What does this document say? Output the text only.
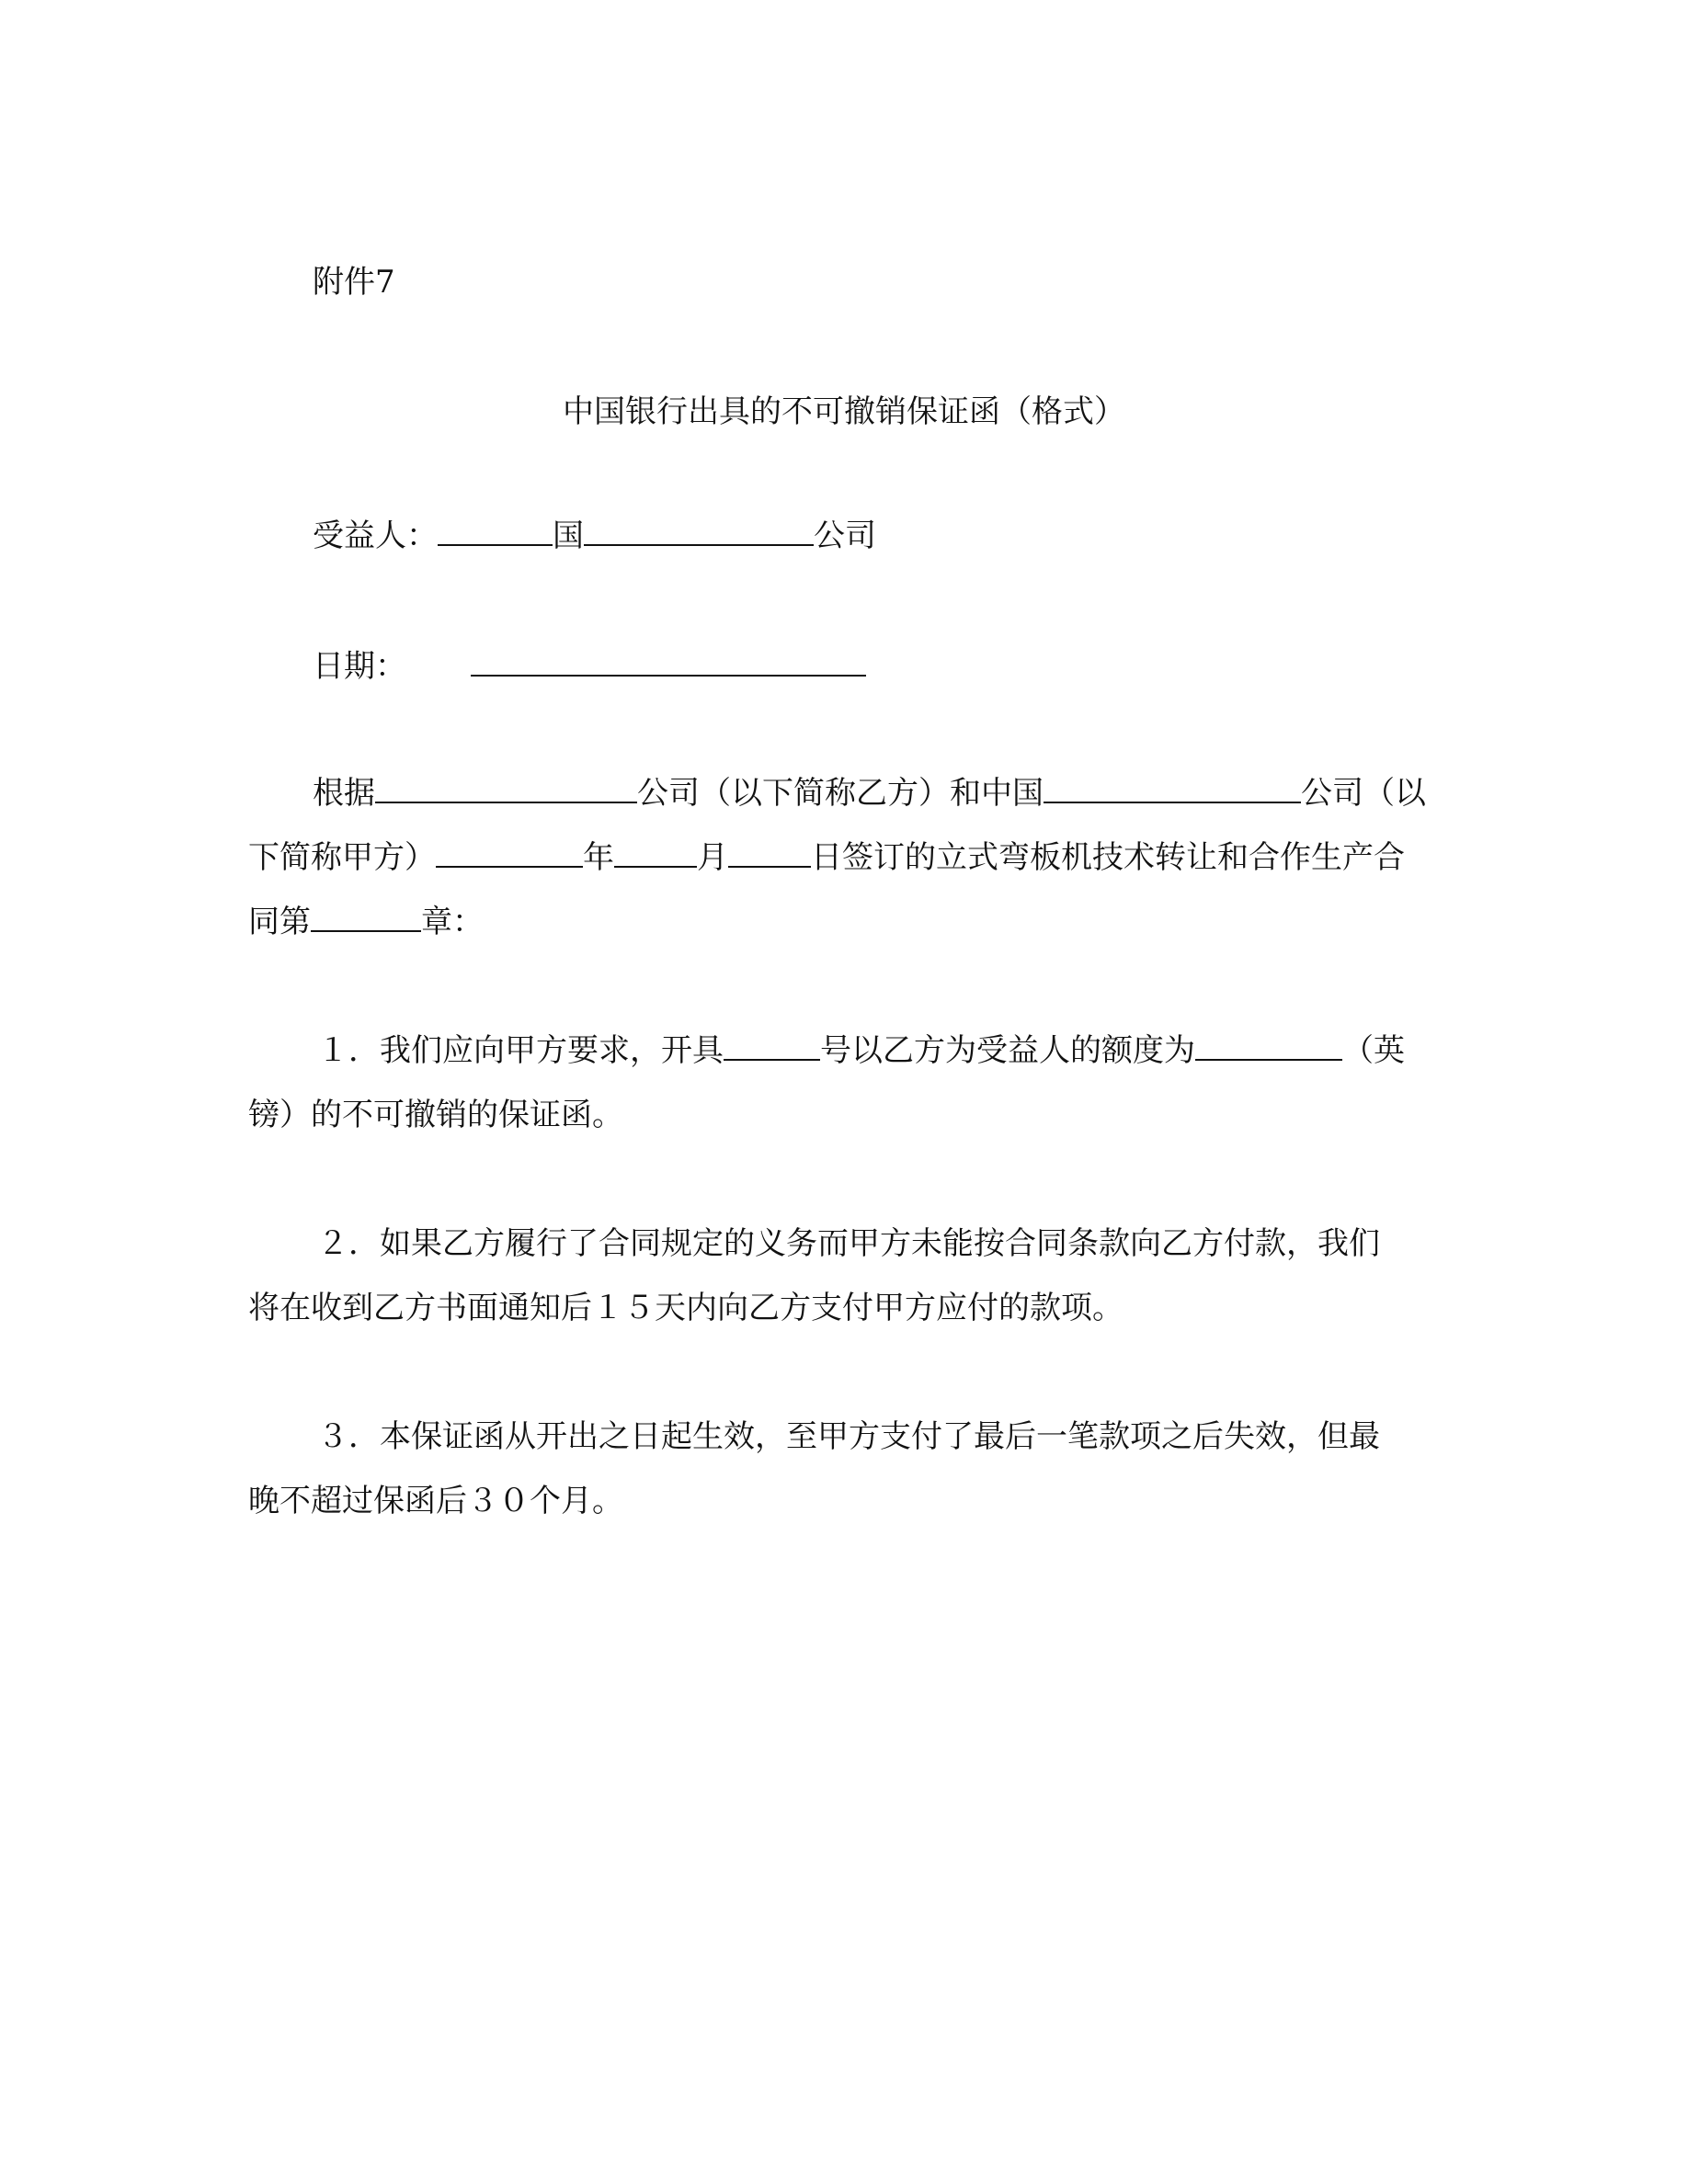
附件7
中国银行出具的不可撤销保证函（格式）
受益人：	国	公司
日期：
根据	公司（以下简称乙方）和中国	公司（以
下简称甲方）	年	月	日签订的立式弯板机技术转让和合作生产合
同第	章：
１．我们应向甲方要求，开具	号以乙方为受益人的额度为	（英
镑）的不可撤销的保证函。
２．如果乙方履行了合同规定的义务而甲方未能按合同条款向乙方付款，我们
将在收到乙方书面通知后１５天内向乙方支付甲方应付的款项。
３．本保证函从开出之日起生效，至甲方支付了最后一笔款项之后失效，但最
晚不超过保函后３０个月。
